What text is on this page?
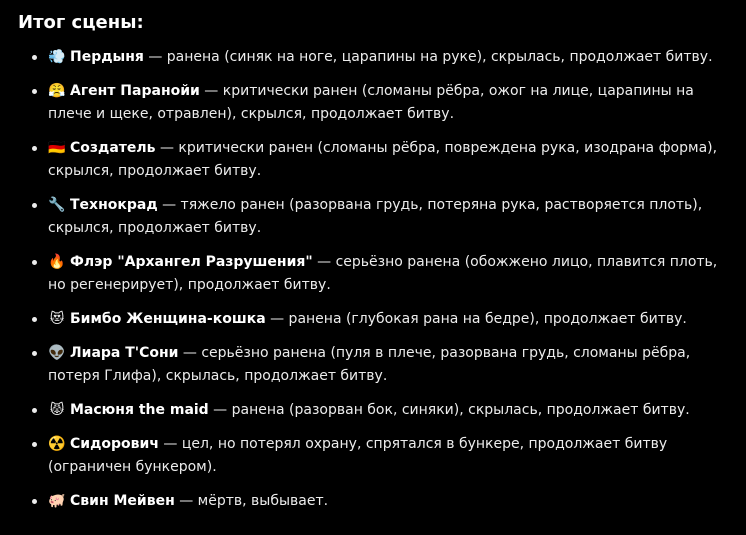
Итог сцены:
💨 Пердыня — ранена (синяк на ноге, царапины на руке), скрылась, продолжает битву.
😤 Агент Паранойи — критически ранен (сломаны рёбра, ожог на лице, царапины на плече и щеке, отравлен), скрылся, продолжает битву.
🇩🇪 Создатель — критически ранен (сломаны рёбра, повреждена рука, изодрана форма), скрылся, продолжает битву.
🔧 Технокрад — тяжело ранен (разорвана грудь, потеряна рука, растворяется плоть), скрылся, продолжает битву.
🔥 Флэр "Архангел Разрушения" — серьёзно ранена (обожжено лицо, плавится плоть, но регенерирует), продолжает битву.
😻 Бимбо Женщина-кошка — ранена (глубокая рана на бедре), продолжает битву.
👽 Лиара Т'Сони — серьёзно ранена (пуля в плече, разорвана грудь, сломаны рёбра, потеря Глифа), скрылась, продолжает битву.
😾 Масюня the maid — ранена (разорван бок, синяки), скрылась, продолжает битву.
☢️ Сидорович — цел, но потерял охрану, спрятался в бункере, продолжает битву (ограничен бункером).
🐖 Свин Мейвен — мёртв, выбывает.
